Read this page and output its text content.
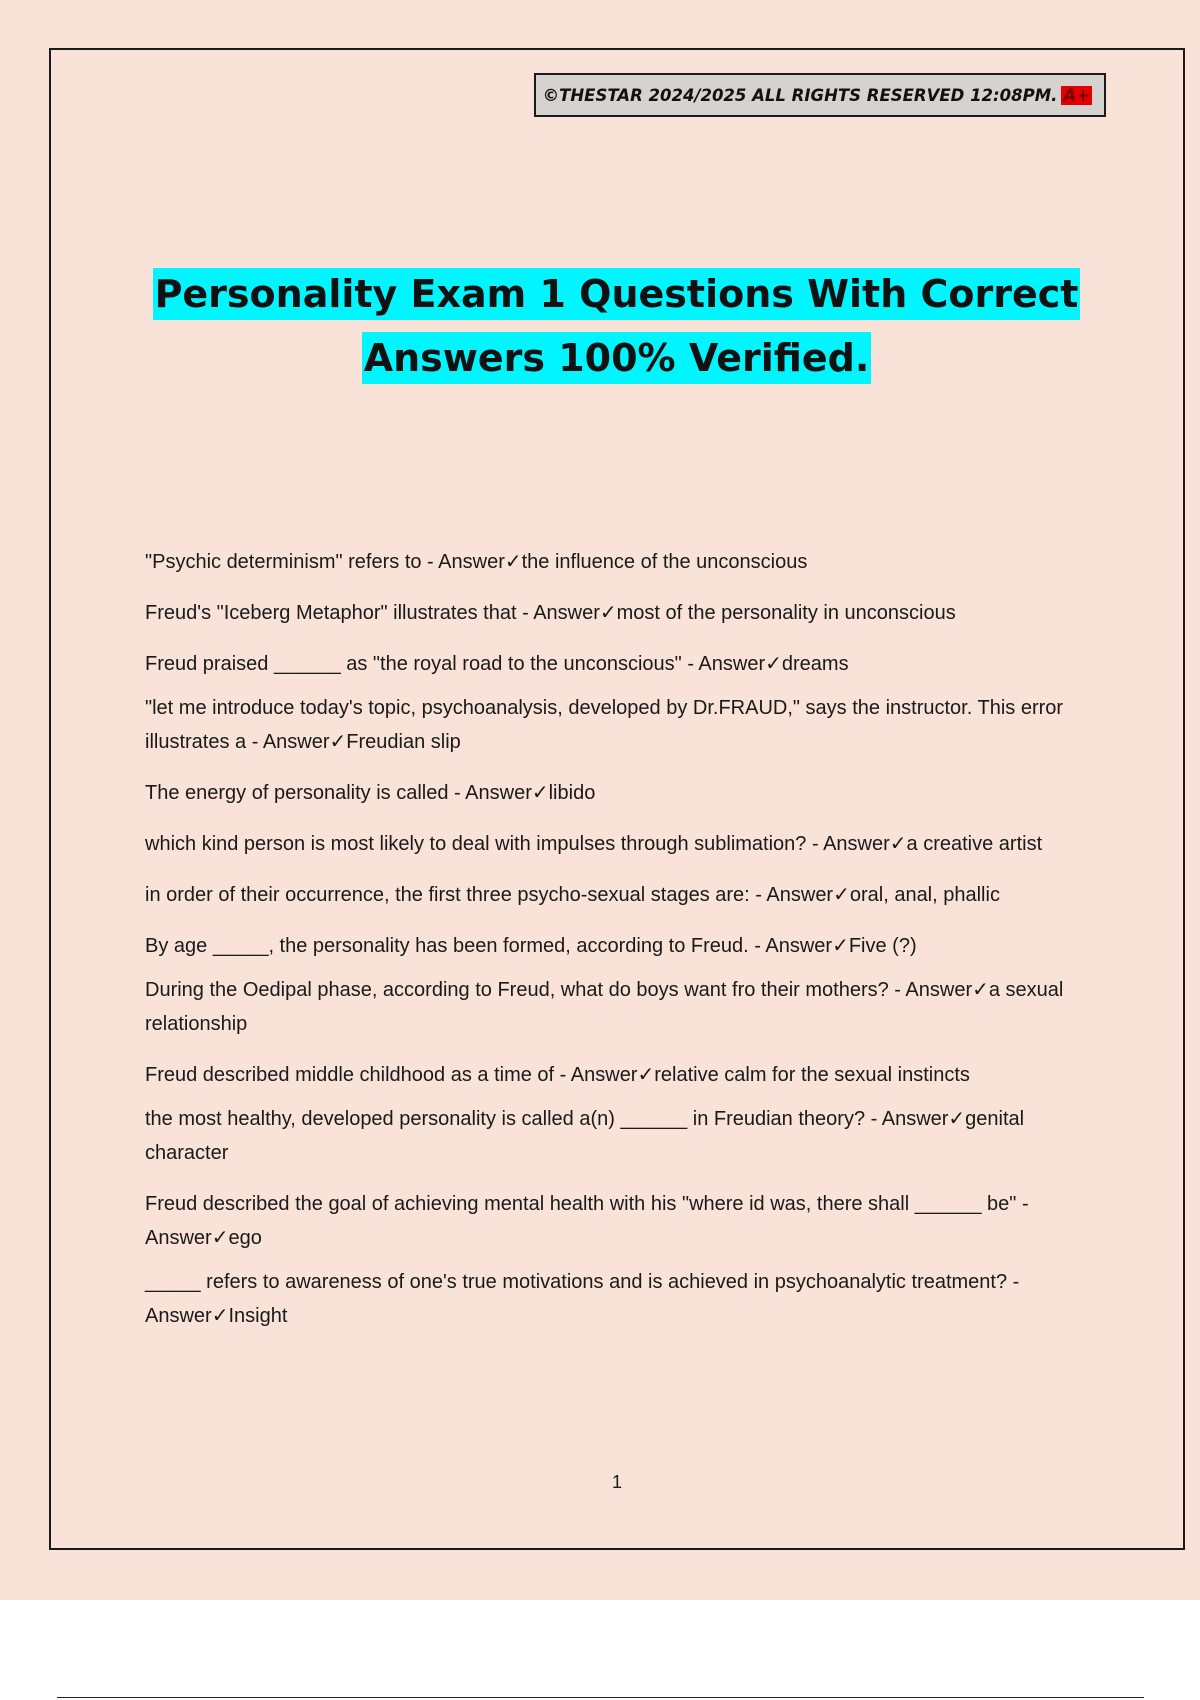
©THESTAR 2024/2025 ALL RIGHTS RESERVED 12:08PM. A+
Personality Exam 1 Questions With Correct
Answers 100% Verified.

"Psychic determinism" refers to - Answer✓the influence of the unconscious

Freud's "Iceberg Metaphor" illustrates that - Answer✓most of the personality in unconscious

Freud praised ______ as "the royal road to the unconscious" - Answer✓dreams

"let me introduce today's topic, psychoanalysis, developed by Dr.FRAUD," says the instructor. This error illustrates a - Answer✓Freudian slip

The energy of personality is called - Answer✓libido

which kind person is most likely to deal with impulses through sublimation? - Answer✓a creative artist

in order of their occurrence, the first three psycho-sexual stages are: - Answer✓oral, anal, phallic

By age _____, the personality has been formed, according to Freud. - Answer✓Five (?)

During the Oedipal phase, according to Freud, what do boys want fro their mothers? - Answer✓a sexual relationship

Freud described middle childhood as a time of - Answer✓relative calm for the sexual instincts

the most healthy, developed personality is called a(n) ______ in Freudian theory? - Answer✓genital character

Freud described the goal of achieving mental health with his "where id was, there shall ______ be" - Answer✓ego

_____ refers to awareness of one's true motivations and is achieved in psychoanalytic treatment? - Answer✓Insight

1
